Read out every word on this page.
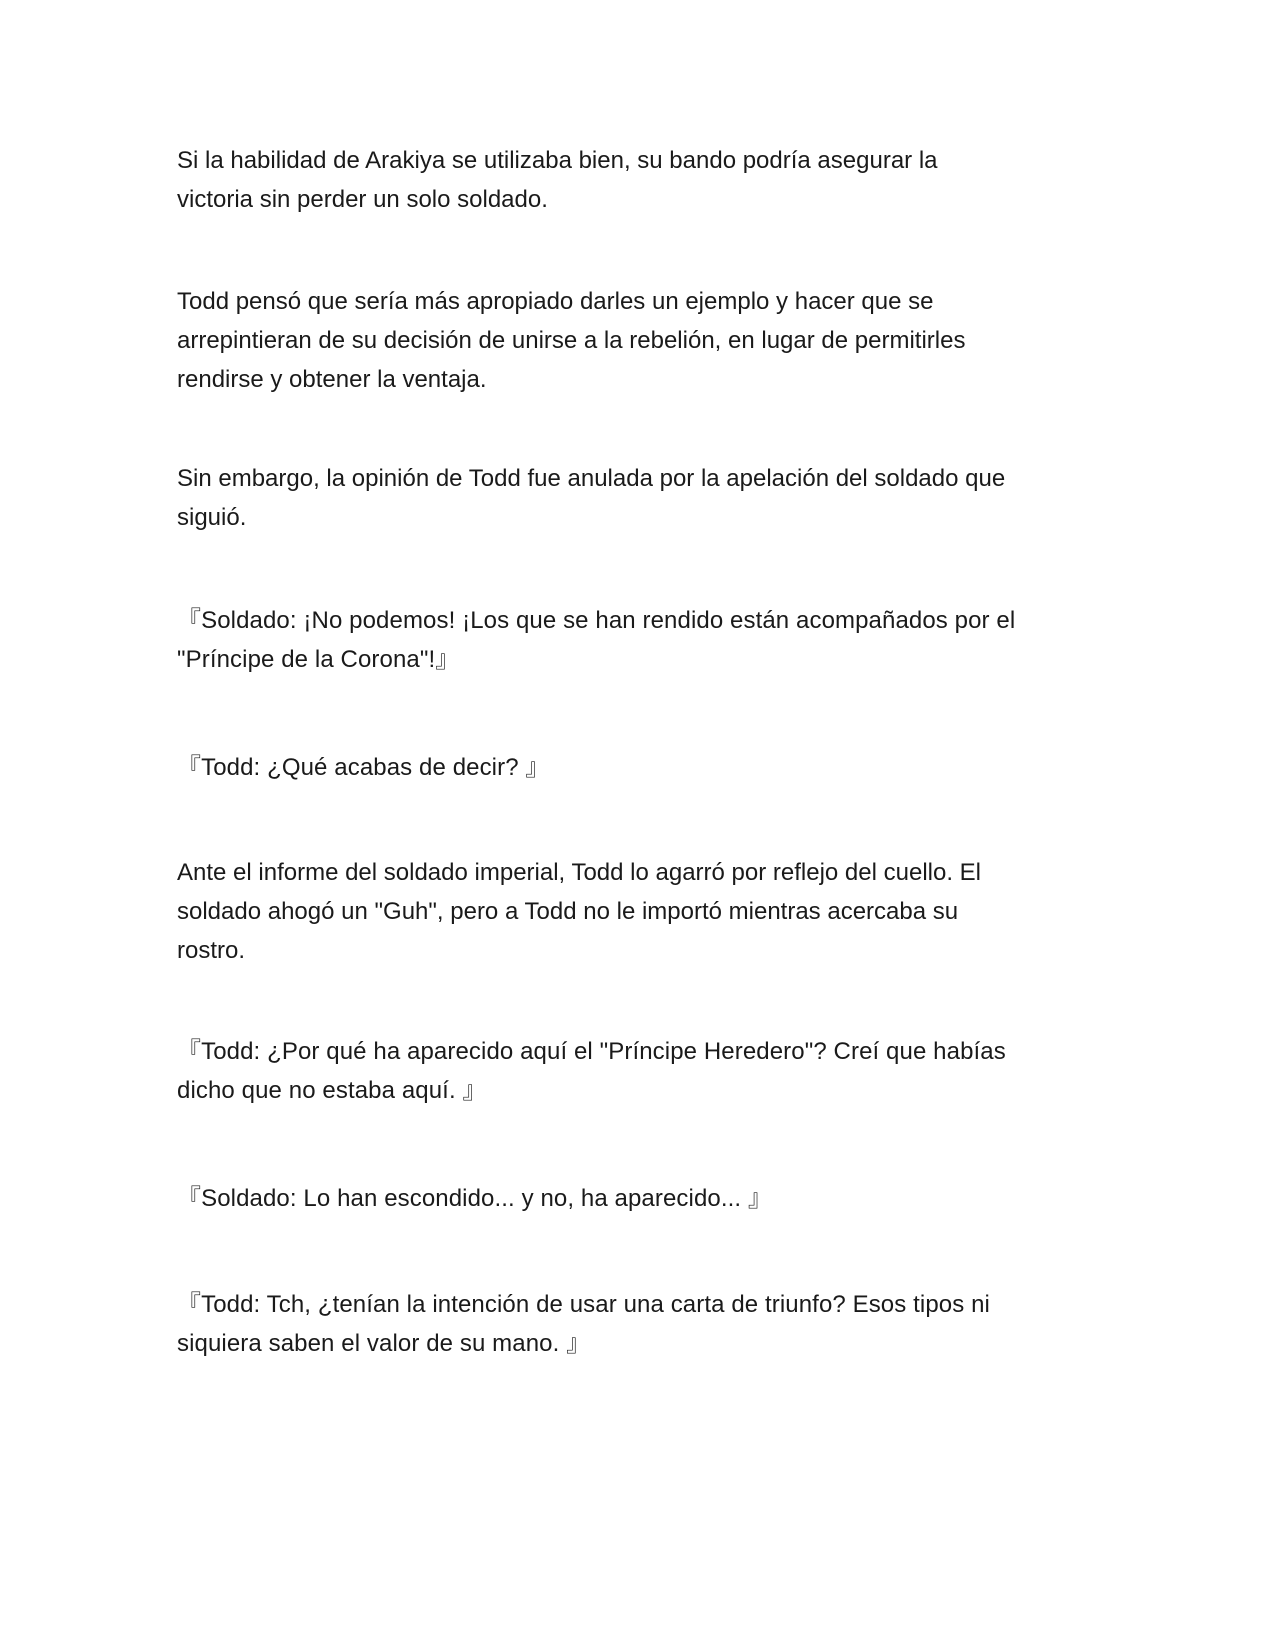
Si la habilidad de Arakiya se utilizaba bien, su bando podría asegurar la
victoria sin perder un solo soldado.

Todd pensó que sería más apropiado darles un ejemplo y hacer que se
arrepintieran de su decisión de unirse a la rebelión, en lugar de permitirles
rendirse y obtener la ventaja.

Sin embargo, la opinión de Todd fue anulada por la apelación del soldado que
siguió.

『Soldado: ¡No podemos! ¡Los que se han rendido están acompañados por el
"Príncipe de la Corona"!』

『Todd: ¿Qué acabas de decir? 』

Ante el informe del soldado imperial, Todd lo agarró por reflejo del cuello. El
soldado ahogó un "Guh", pero a Todd no le importó mientras acercaba su
rostro.

『Todd: ¿Por qué ha aparecido aquí el "Príncipe Heredero"? Creí que habías
dicho que no estaba aquí. 』

『Soldado: Lo han escondido... y no, ha aparecido... 』

『Todd: Tch, ¿tenían la intención de usar una carta de triunfo? Esos tipos ni
siquiera saben el valor de su mano. 』
